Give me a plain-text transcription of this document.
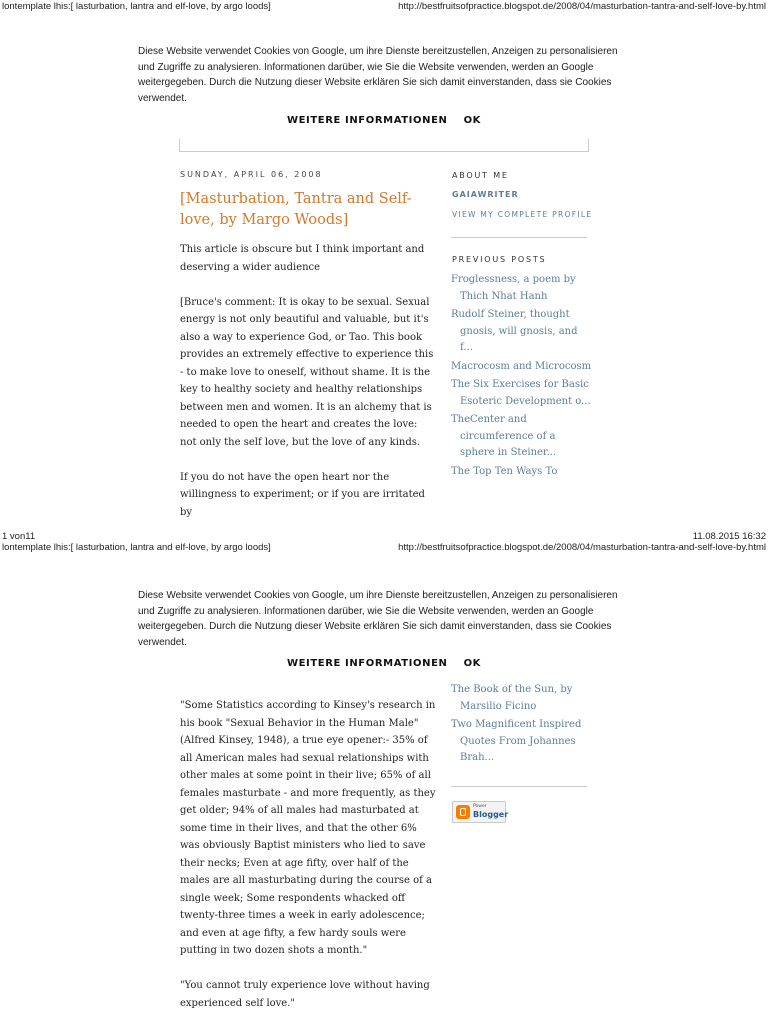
lontemplate lhis:[ lasturbation, lantra and elf-love, by argo loods]	http://bestfruitsofpractice.blogspot.de/2008/04/masturbation-tantra-and-self-love-by.html
Diese Website verwendet Cookies von Google, um ihre Dienste bereitzustellen, Anzeigen zu personalisieren und Zugriffe zu analysieren. Informationen darüber, wie Sie die Website verwenden, werden an Google weitergegeben. Durch die Nutzung dieser Website erklären Sie sich damit einverstanden, dass sie Cookies verwendet.
WEITERE INFORMATIONEN OK
SUNDAY, APRIL 06, 2008
[Masturbation, Tantra and Self-love, by Margo Woods]

This article is obscure but I think important and deserving a wider audience

[Bruce's comment: It is okay to be sexual. Sexual energy is not only beautiful and valuable, but it's also a way to experience God, or Tao. This book provides an extremely effective to experience this - to make love to oneself, without shame. It is the key to healthy society and healthy relationships between men and women. It is an alchemy that is needed to open the heart and creates the love: not only the self love, but the love of any kinds.

If you do not have the open heart nor the willingness to experiment; or if you are irritated by

ABOUT ME
GAIAWRITER
VIEW MY COMPLETE PROFILE
PREVIOUS POSTS
Froglessness, a poem by Thich Nhat Hanh
Rudolf Steiner, thought gnosis, will gnosis, and f...
Macrocosm and Microcosm
The Six Exercises for Basic Esoteric Development o...
TheCenter and circumference of a sphere in Steiner...
The Top Ten Ways To
1 von11	11.08.2015 16:32
lontemplate lhis:[ lasturbation, lantra and elf-love, by argo loods]	http://bestfruitsofpractice.blogspot.de/2008/04/masturbation-tantra-and-self-love-by.html
Diese Website verwendet Cookies von Google, um ihre Dienste bereitzustellen, Anzeigen zu personalisieren und Zugriffe zu analysieren. Informationen darüber, wie Sie die Website verwenden, werden an Google weitergegeben. Durch die Nutzung dieser Website erklären Sie sich damit einverstanden, dass sie Cookies verwendet.
WEITERE INFORMATIONEN OK

"Some Statistics according to Kinsey's research in his book "Sexual Behavior in the Human Male" (Alfred Kinsey, 1948), a true eye opener:- 35% of all American males had sexual relationships with other males at some point in their live; 65% of all females masturbate - and more frequently, as they get older; 94% of all males had masturbated at some time in their lives, and that the other 6% was obviously Baptist ministers who lied to save their necks; Even at age fifty, over half of the males are all masturbating during the course of a single week; Some respondents whacked off twenty-three times a week in early adolescence; and even at age fifty, a few hardy souls were putting in two dozen shots a month."

"You cannot truly experience love without having experienced self love."

The Book of the Sun, by Marsilio Ficino
Two Magnificent Inspired Quotes From Johannes Brah...
Power
Blogger
